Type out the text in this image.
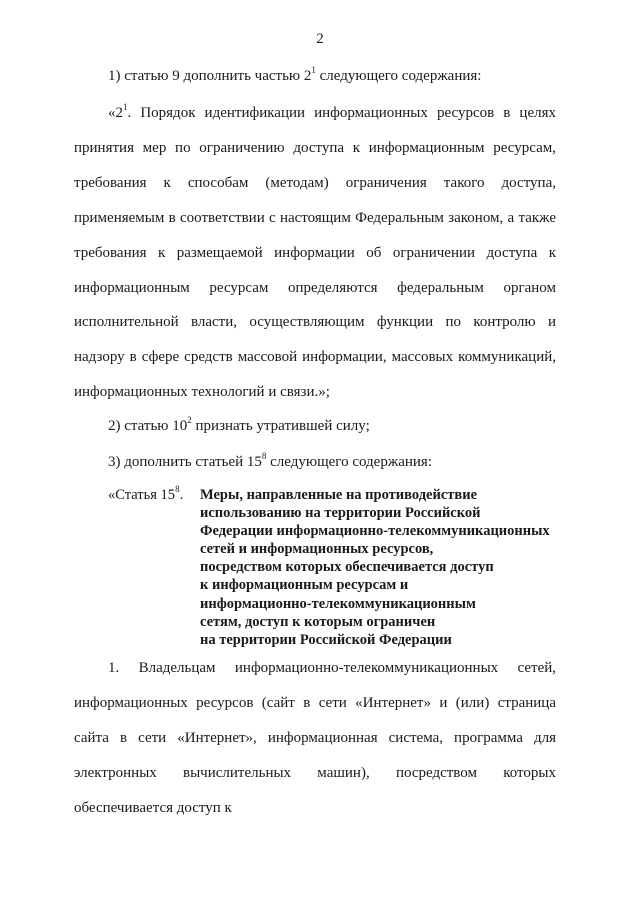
2

1) статью 9 дополнить частью $2^1$ следующего содержания:

«$2^1$. Порядок идентификации информационных ресурсов в целях принятия мер по ограничению доступа к информационным ресурсам, требования к способам (методам) ограничения такого доступа, применяемым в соответствии с настоящим Федеральным законом, а также требования к размещаемой информации об ограничении доступа к информационным ресурсам определяются федеральным органом исполнительной власти, осуществляющим функции по контролю и надзору в сфере средств массовой информации, массовых коммуникаций, информационных технологий и связи.»;

2) статью $10^2$ признать утратившей силу;

3) дополнить статьей $15^8$ следующего содержания:

«Статья $15^8$. Меры, направленные на противодействие
использованию на территории Российской
Федерации информационно-телекоммуникационных
сетей и информационных ресурсов,
посредством которых обеспечивается доступ
к информационным ресурсам и
информационно-телекоммуникационным
сетям, доступ к которым ограничен
на территории Российской Федерации

1. Владельцам информационно-телекоммуникационных сетей, информационных ресурсов (сайт в сети «Интернет» и (или) страница сайта в сети «Интернет», информационная система, программа для электронных вычислительных машин), посредством которых обеспечивается доступ к
